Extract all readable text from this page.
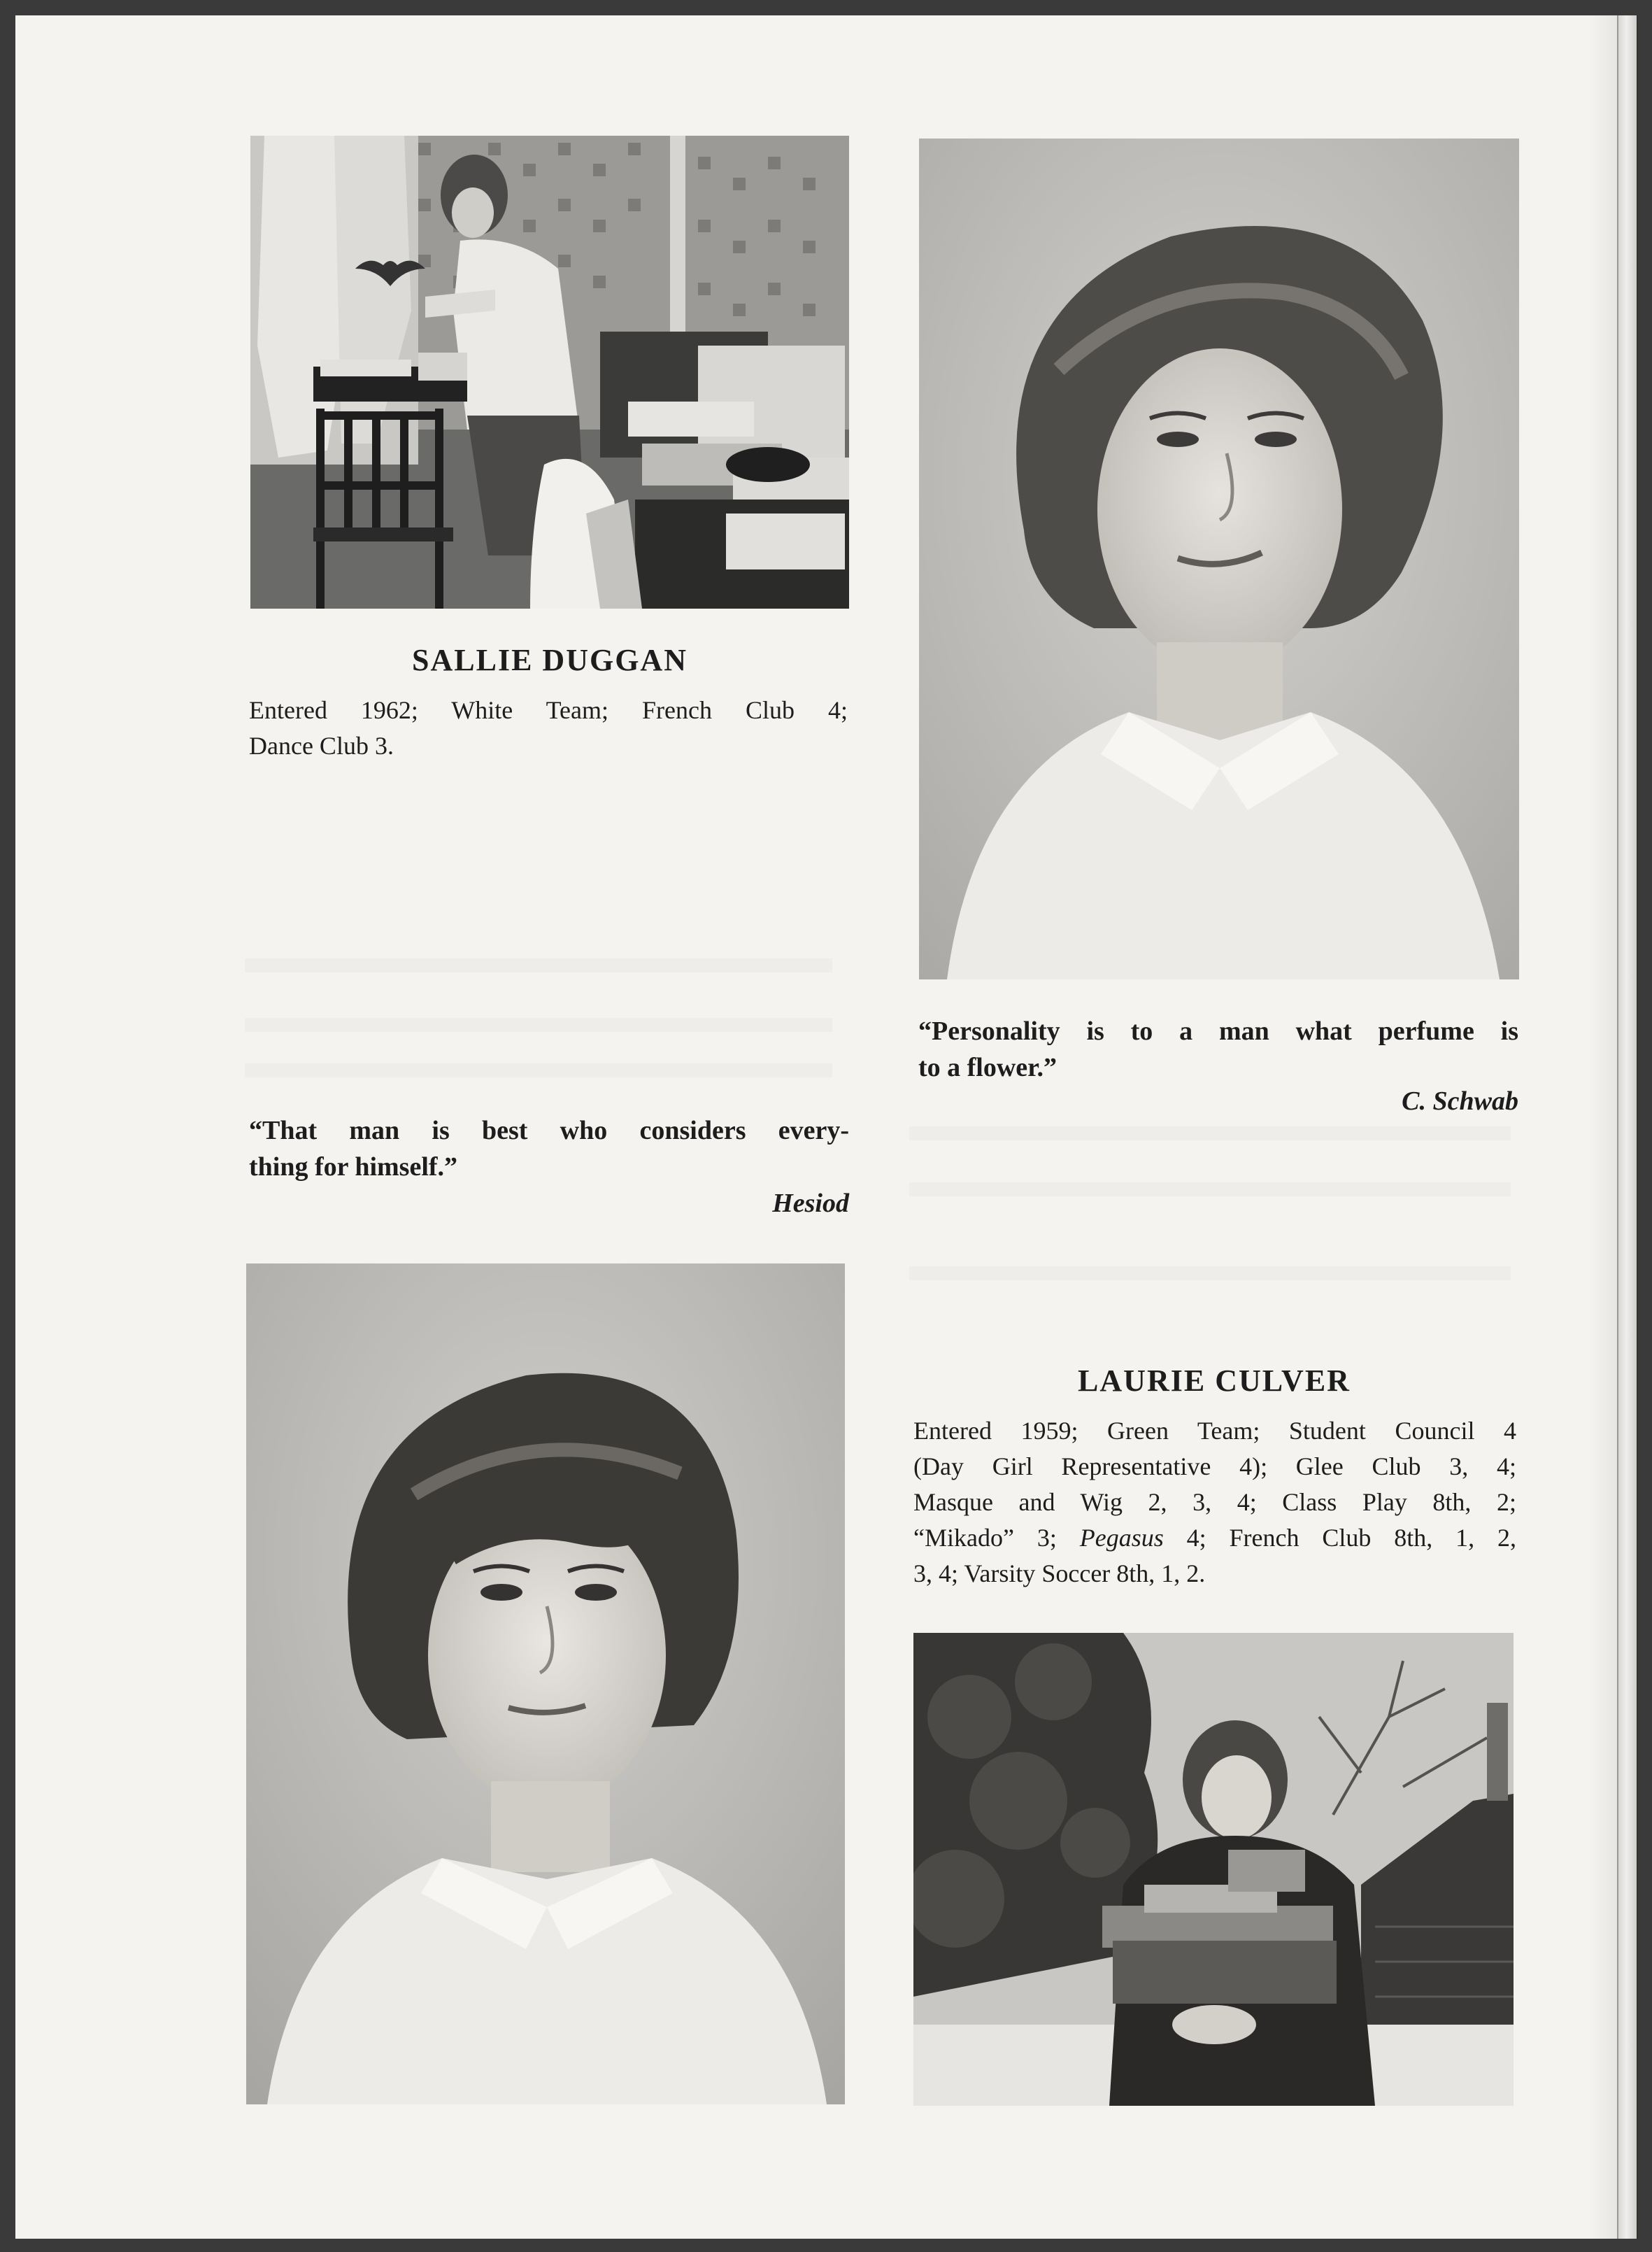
SALLIE DUGGAN
Entered 1962; White Team; French Club 4;
Dance Club 3.
“That man is best who considers every-
thing for himself.”
Hesiod
“Personality is to a man what perfume is
to a flower.”
C. Schwab
LAURIE CULVER
Entered 1959; Green Team; Student Council 4
(Day Girl Representative 4); Glee Club 3, 4;
Masque and Wig 2, 3, 4; Class Play 8th, 2;
“Mikado” 3; Pegasus 4; French Club 8th, 1, 2,
3, 4; Varsity Soccer 8th, 1, 2.
